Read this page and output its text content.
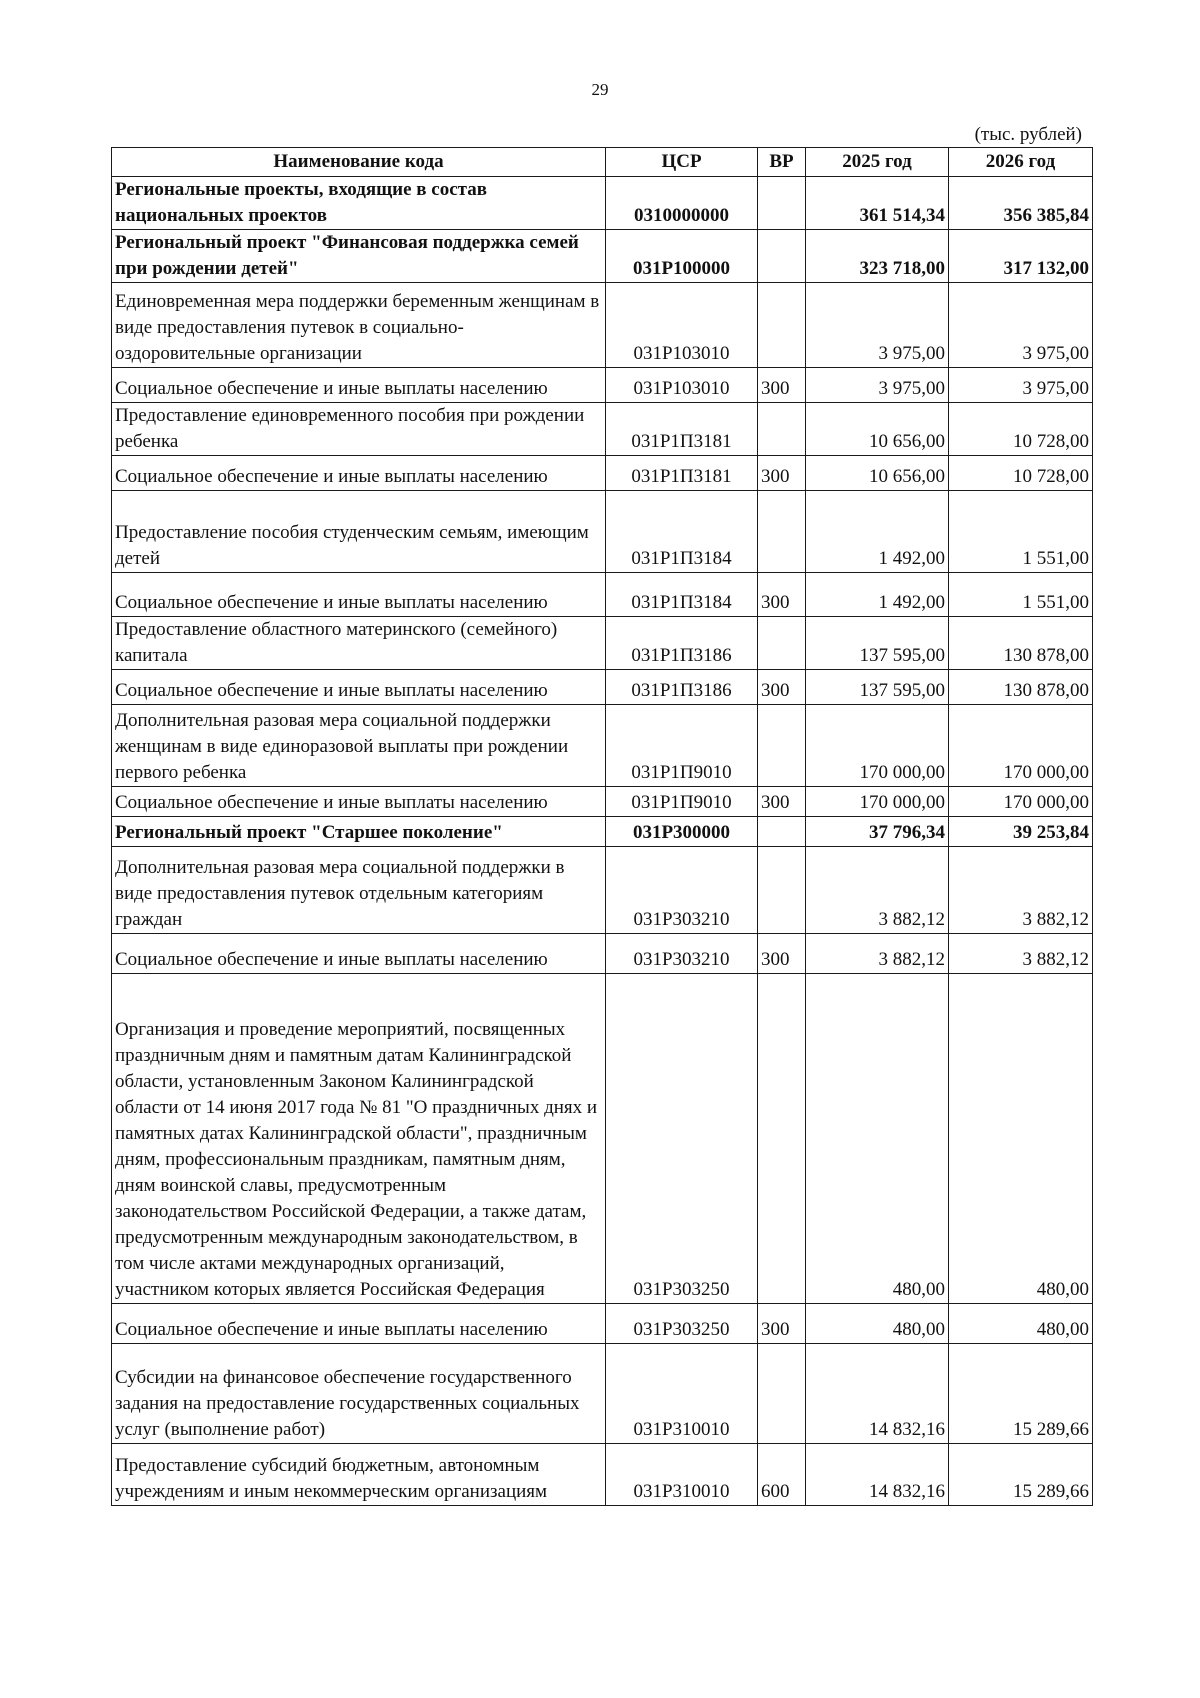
29
(тыс. рублей)
Наименование кода	ЦСР	ВР	2025 год	2026 год
Региональные проекты, входящие в состав национальных проектов	0310000000		361 514,34	356 385,84
Региональный проект "Финансовая поддержка семей при рождении детей"	031Р100000		323 718,00	317 132,00
Единовременная мера поддержки беременным женщинам в виде предоставления путевок в социально-оздоровительные организации	031Р103010		3 975,00	3 975,00
Социальное обеспечение и иные выплаты населению	031Р103010	300	3 975,00	3 975,00
Предоставление единовременного пособия при рождении ребенка	031Р1П3181		10 656,00	10 728,00
Социальное обеспечение и иные выплаты населению	031Р1П3181	300	10 656,00	10 728,00
Предоставление пособия студенческим семьям, имеющим детей	031Р1П3184		1 492,00	1 551,00
Социальное обеспечение и иные выплаты населению	031Р1П3184	300	1 492,00	1 551,00
Предоставление областного материнского (семейного) капитала	031Р1П3186		137 595,00	130 878,00
Социальное обеспечение и иные выплаты населению	031Р1П3186	300	137 595,00	130 878,00
Дополнительная разовая мера социальной поддержки женщинам в виде единоразовой выплаты при рождении первого ребенка	031Р1П9010		170 000,00	170 000,00
Социальное обеспечение и иные выплаты населению	031Р1П9010	300	170 000,00	170 000,00
Региональный проект "Старшее поколение"	031Р300000		37 796,34	39 253,84
Дополнительная разовая мера социальной поддержки в виде предоставления путевок отдельным категориям граждан	031Р303210		3 882,12	3 882,12
Социальное обеспечение и иные выплаты населению	031Р303210	300	3 882,12	3 882,12
Организация и проведение мероприятий, посвященных праздничным дням и памятным датам Калининградской области, установленным Законом Калининградской области от 14 июня 2017 года № 81 "О праздничных днях и памятных датах Калининградской области", праздничным дням, профессиональным праздникам, памятным дням, дням воинской славы, предусмотренным законодательством Российской Федерации, а также датам, предусмотренным международным законодательством, в том числе актами международных организаций, участником которых является Российская Федерация	031Р303250		480,00	480,00
Социальное обеспечение и иные выплаты населению	031Р303250	300	480,00	480,00
Субсидии на финансовое обеспечение государственного задания на предоставление государственных социальных услуг (выполнение работ)	031Р310010		14 832,16	15 289,66
Предоставление субсидий бюджетным, автономным учреждениям и иным некоммерческим организациям	031Р310010	600	14 832,16	15 289,66
